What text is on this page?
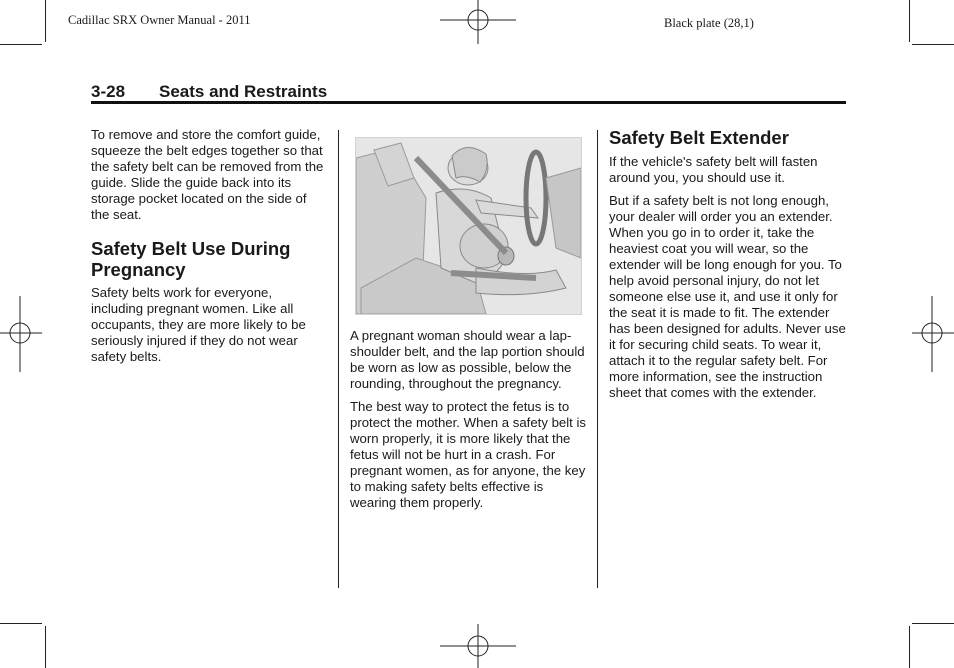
Cadillac SRX Owner Manual - 2011	Black plate (28,1)
3-28 Seats and Restraints

To remove and store the comfort guide, squeeze the belt edges together so that the safety belt can be removed from the guide. Slide the guide back into its storage pocket located on the side of the seat.

Safety Belt Use During Pregnancy

Safety belts work for everyone, including pregnant women. Like all occupants, they are more likely to be seriously injured if they do not wear safety belts.

A pregnant woman should wear a lap-shoulder belt, and the lap portion should be worn as low as possible, below the rounding, throughout the pregnancy.

The best way to protect the fetus is to protect the mother. When a safety belt is worn properly, it is more likely that the fetus will not be hurt in a crash. For pregnant women, as for anyone, the key to making safety belts effective is wearing them properly.

Safety Belt Extender

If the vehicle's safety belt will fasten around you, you should use it.

But if a safety belt is not long enough, your dealer will order you an extender. When you go in to order it, take the heaviest coat you will wear, so the extender will be long enough for you. To help avoid personal injury, do not let someone else use it, and use it only for the seat it is made to fit. The extender has been designed for adults. Never use it for securing child seats. To wear it, attach it to the regular safety belt. For more information, see the instruction sheet that comes with the extender.
